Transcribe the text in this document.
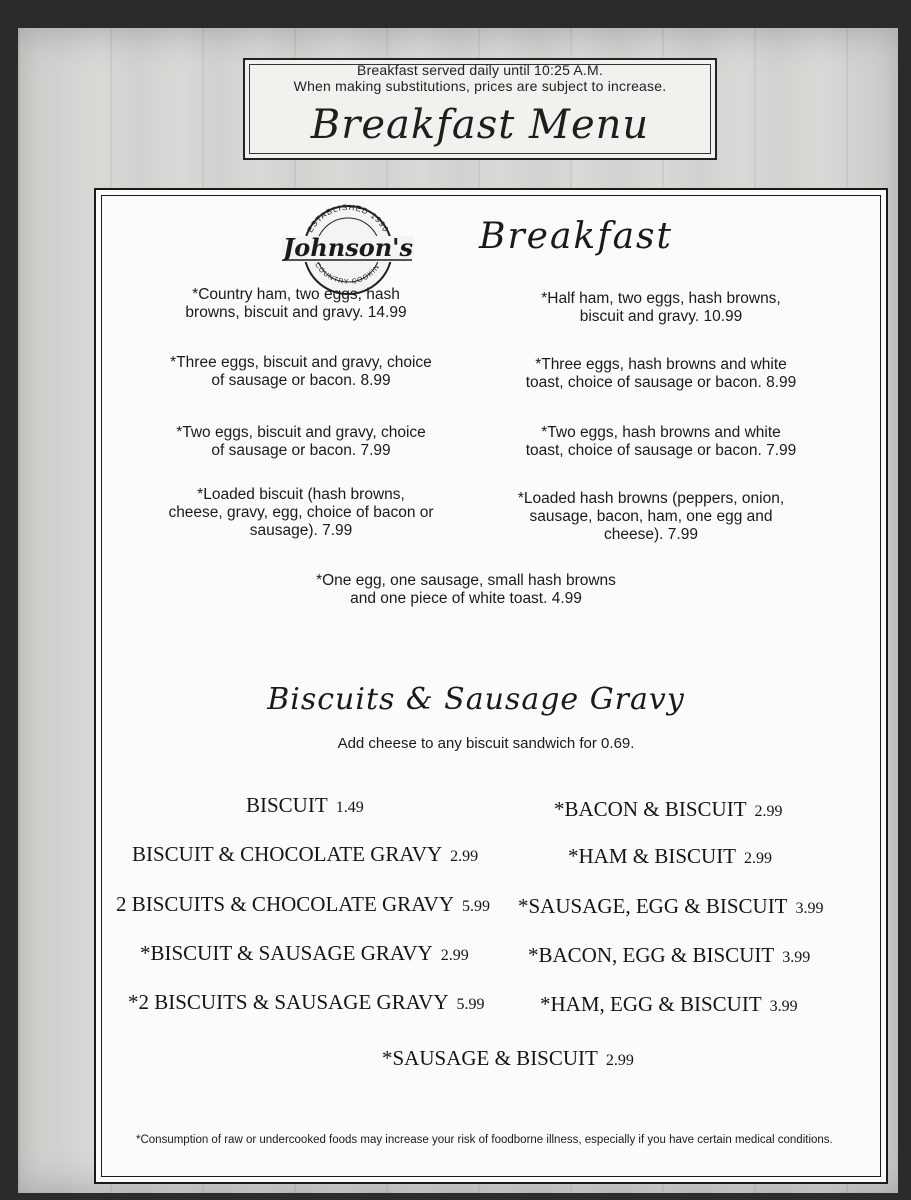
Breakfast served daily until 10:25 A.M.
When making substitutions, prices are subject to increase.
Breakfast Menu
ESTABLISHED 1990
COUNTRY COOKIN'
Johnson's	Breakfast
*Country ham, two eggs, hash
browns, biscuit and gravy. 14.99
*Half ham, two eggs, hash browns,
biscuit and gravy. 10.99
*Three eggs, biscuit and gravy, choice
of sausage or bacon. 8.99
*Three eggs, hash browns and white
toast, choice of sausage or bacon. 8.99
*Two eggs, biscuit and gravy, choice
of sausage or bacon. 7.99
*Two eggs, hash browns and white
toast, choice of sausage or bacon. 7.99
*Loaded biscuit (hash browns,
cheese, gravy, egg, choice of bacon or
sausage). 7.99
*Loaded hash browns (peppers, onion,
sausage, bacon, ham, one egg and
cheese). 7.99
*One egg, one sausage, small hash browns
and one piece of white toast. 4.99
Biscuits & Sausage Gravy
Add cheese to any biscuit sandwich for 0.69.
BISCUIT 1.49	*BACON & BISCUIT 2.99
BISCUIT & CHOCOLATE GRAVY 2.99	*HAM & BISCUIT 2.99
2 BISCUITS & CHOCOLATE GRAVY 5.99 *SAUSAGE, EGG & BISCUIT 3.99
*BISCUIT & SAUSAGE GRAVY 2.99	*BACON, EGG & BISCUIT 3.99
*2 BISCUITS & SAUSAGE GRAVY 5.99	*HAM, EGG & BISCUIT 3.99
*SAUSAGE & BISCUIT 2.99
*Consumption of raw or undercooked foods may increase your risk of foodborne illness, especially if you have certain medical conditions.
